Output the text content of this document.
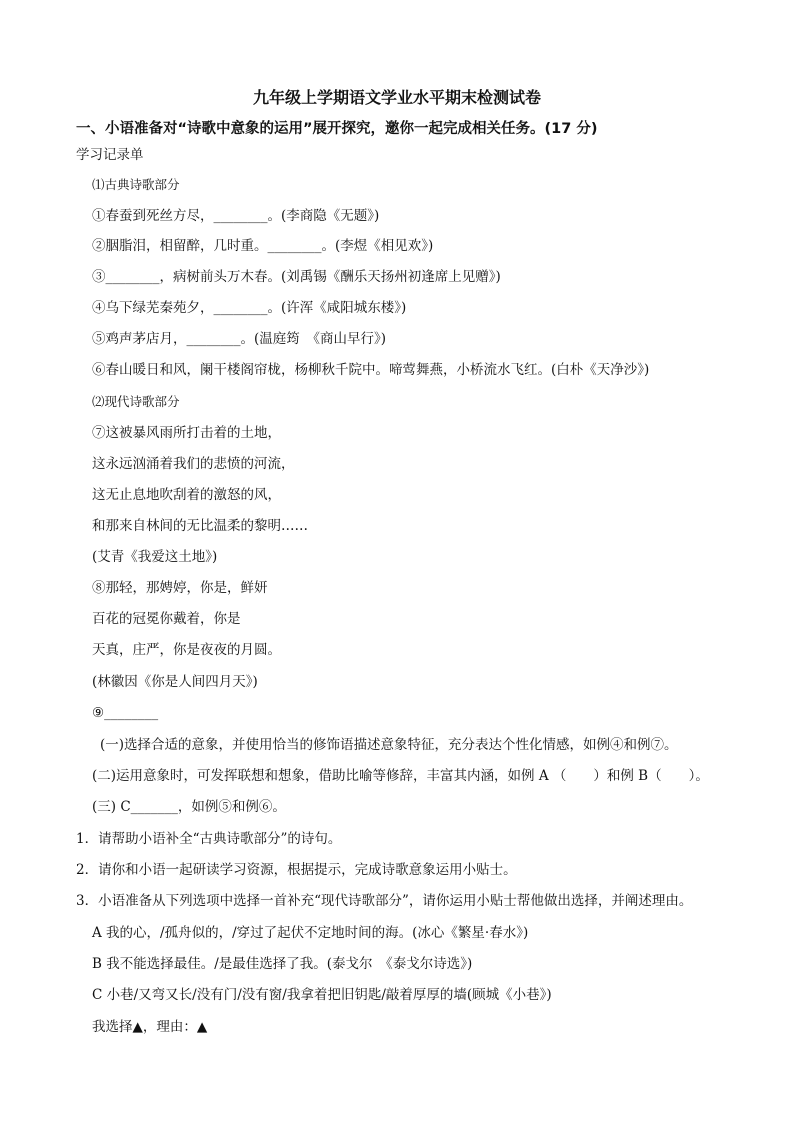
九年级上学期语文学业水平期末检测试卷
一、小语准备对“诗歌中意象的运用”展开探究，邀你一起完成相关任务。(17 分)
学习记录单
⑴古典诗歌部分
①春蚕到死丝方尽，________。(李商隐《无题》)
②胭脂泪，相留醉，几时重。________。(李煜《相见欢》)
③________，病树前头万木春。(刘禹锡《酬乐天扬州初逢席上见赠》)
④乌下绿芜秦苑夕，________。(许浑《咸阳城东楼》)
⑤鸡声茅店月，________。(温庭筠　《商山早行》)
⑥春山暖日和风，阑干楼阁帘栊，杨柳秋千院中。啼莺舞燕，小桥流水飞红。(白朴《天净沙》)
⑵现代诗歌部分
⑦这被暴风雨所打击着的土地，
这永远汹涌着我们的悲愤的河流，
这无止息地吹刮着的激怒的风，
和那来自林间的无比温柔的黎明……
(艾青《我爱这土地》)
⑧那轻，那娉婷，你是，鲜妍
百花的冠冕你戴着，你是
天真，庄严，你是夜夜的月圆。
(林徽因《你是人间四月天》)
⑨________
(一)选择合适的意象，并使用恰当的修饰语描述意象特征，充分表达个性化情感，如例④和例⑦。
(二)运用意象时，可发挥联想和想象，借助比喻等修辞，丰富其内涵，如例 A （　　）和例 B（　　）。
(三) C_______，如例⑤和例⑥。
1．请帮助小语补全“古典诗歌部分”的诗句。
2．请你和小语一起研读学习资源，根据提示，完成诗歌意象运用小贴士。
3．小语准备从下列选项中选择一首补充“现代诗歌部分”，请你运用小贴士帮他做出选择，并阐述理由。
A 我的心，/孤舟似的，/穿过了起伏不定地时间的海。(冰心《繁星·春水》)
B 我不能选择最佳。/是最佳选择了我。(泰戈尔　《泰戈尔诗选》)
C 小巷/又弯又长/没有门/没有窗/我拿着把旧钥匙/敲着厚厚的墙(顾城《小巷》)
我选择▲，理由：▲
